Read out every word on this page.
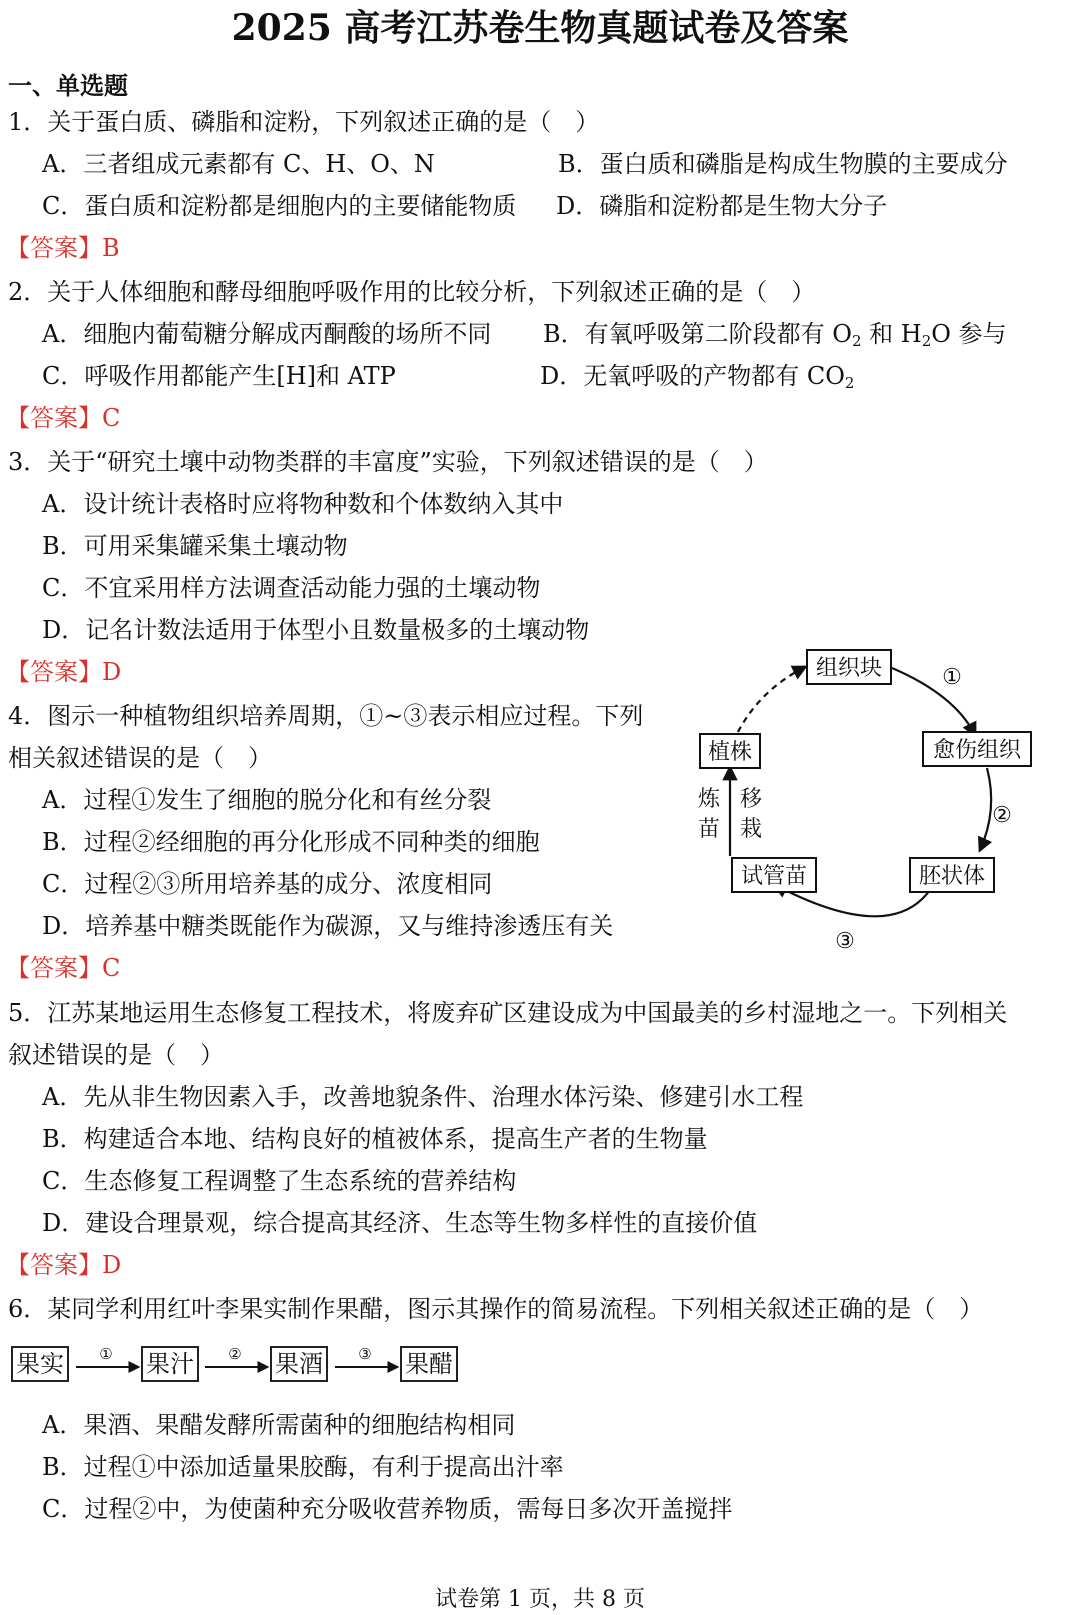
2025 高考江苏卷生物真题试卷及答案
一、单选题
1．关于蛋白质、磷脂和淀粉，下列叙述正确的是（　）
A．三者组成元素都有 C、H、O、N	B．蛋白质和磷脂是构成生物膜的主要成分
C．蛋白质和淀粉都是细胞内的主要储能物质 D．磷脂和淀粉都是生物大分子
【答案】B
2．关于人体细胞和酵母细胞呼吸作用的比较分析，下列叙述正确的是（　）
A．细胞内葡萄糖分解成丙酮酸的场所不同 B．有氧呼吸第二阶段都有 $O_2$ 和 $H_2O$ 参与
C．呼吸作用都能产生[H]和 ATP	D．无氧呼吸的产物都有 $CO_2$
【答案】C
3．关于“研究土壤中动物类群的丰富度”实验，下列叙述错误的是（　）
A．设计统计表格时应将物种数和个体数纳入其中
B．可用采集罐采集土壤动物
C．不宜采用样方法调查活动能力强的土壤动物
D．记名计数法适用于体型小且数量极多的土壤动物
【答案】D
4．图示一种植物组织培养周期，①~③表示相应过程。下列
相关叙述错误的是（　）
A．过程①发生了细胞的脱分化和有丝分裂
B．过程②经细胞的再分化形成不同种类的细胞
C．过程②③所用培养基的成分、浓度相同
D．培养基中糖类既能作为碳源，又与维持渗透压有关
【答案】C
组织块
愈伤组织
胚状体
试管苗
植株
①
②
③
炼
苗
移
栽
5．江苏某地运用生态修复工程技术，将废弃矿区建设成为中国最美的乡村湿地之一。下列相关
叙述错误的是（　）
A．先从非生物因素入手，改善地貌条件、治理水体污染、修建引水工程
B．构建适合本地、结构良好的植被体系，提高生产者的生物量
C．生态修复工程调整了生态系统的营养结构
D．建设合理景观，综合提高其经济、生态等生物多样性的直接价值
【答案】D
6．某同学利用红叶李果实制作果醋，图示其操作的简易流程。下列相关叙述正确的是（　）
果实	果汁	果酒	果醋
①	②	③
A．果酒、果醋发酵所需菌种的细胞结构相同
B．过程①中添加适量果胶酶，有利于提高出汁率
C．过程②中，为使菌种充分吸收营养物质，需每日多次开盖搅拌
试卷第 1 页，共 8 页
